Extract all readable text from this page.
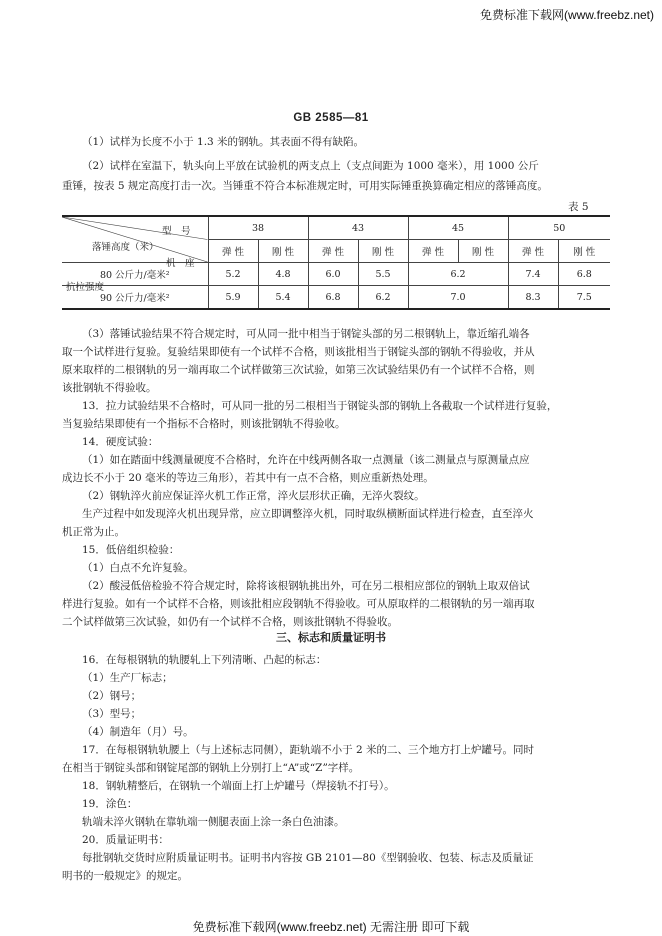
免费标准下载网(www.freebz.net)
GB 2585—81
（1）试样为长度不小于 1.3 米的钢轨。其表面不得有缺陷。
（2）试样在室温下，轨头向上平放在试验机的两支点上（支点间距为 1000 毫米），用 1000 公斤
重锤，按表 5 规定高度打击一次。当锤重不符合本标准规定时，可用实际锤重换算确定相应的落锤高度。
表 5
型　号
落锤高度（米）
机　座
抗拉强度	38		43		45		50	
	弹 性	刚 性	弹 性	刚 性	弹 性	刚 性	弹 性	刚 性
80 公斤力/毫米²	5.2	4.8	6.0	5.5	6.2		7.4	6.8
90 公斤力/毫米²	5.9	5.4	6.8	6.2	7.0		8.3	7.5
（3）落锤试验结果不符合规定时，可从同一批中相当于钢锭头部的另二根钢轨上，靠近缩孔端各
取一个试样进行复验。复验结果即使有一个试样不合格，则该批相当于钢锭头部的钢轨不得验收，并从
原来取样的二根钢轨的另一端再取二个试样做第三次试验，如第三次试验结果仍有一个试样不合格，则
该批钢轨不得验收。
13．拉力试验结果不合格时，可从同一批的另二根相当于钢锭头部的钢轨上各截取一个试样进行复验，
当复验结果即使有一个指标不合格时，则该批钢轨不得验收。
14．硬度试验：
（1）如在踏面中线测量硬度不合格时，允许在中线两侧各取一点测量（该二测量点与原测量点应
成边长不小于 20 毫米的等边三角形），若其中有一点不合格，则应重新热处理。
（2）钢轨淬火前应保证淬火机工作正常，淬火层形状正确，无淬火裂纹。
生产过程中如发现淬火机出现异常，应立即调整淬火机，同时取纵横断面试样进行检查，直至淬火
机正常为止。
15．低倍组织检验：
（1）白点不允许复验。
（2）酸浸低倍检验不符合规定时，除将该根钢轨挑出外，可在另二根相应部位的钢轨上取双倍试
样进行复验。如有一个试样不合格，则该批相应段钢轨不得验收。可从原取样的二根钢轨的另一端再取
二个试样做第三次试验，如仍有一个试样不合格，则该批钢轨不得验收。
三、标志和质量证明书
16．在每根钢轨的轨腰轧上下列清晰、凸起的标志：
（1）生产厂标志；
（2）钢号；
（3）型号；
（4）制造年（月）号。
17．在每根钢轨轨腰上（与上述标志同侧），距轨端不小于 2 米的二、三个地方打上炉罐号。同时
在相当于钢锭头部和钢锭尾部的钢轨上分别打上“A”或“Z”字样。
18．钢轨精整后，在钢轨一个端面上打上炉罐号（焊接轨不打号）。
19．涂色：
轨端未淬火钢轨在靠轨端一侧腿表面上涂一条白色油漆。
20．质量证明书：
每批钢轨交货时应附质量证明书。证明书内容按 GB 2101—80《型钢验收、包装、标志及质量证
明书的一般规定》的规定。
免费标准下载网(www.freebz.net) 无需注册 即可下载
